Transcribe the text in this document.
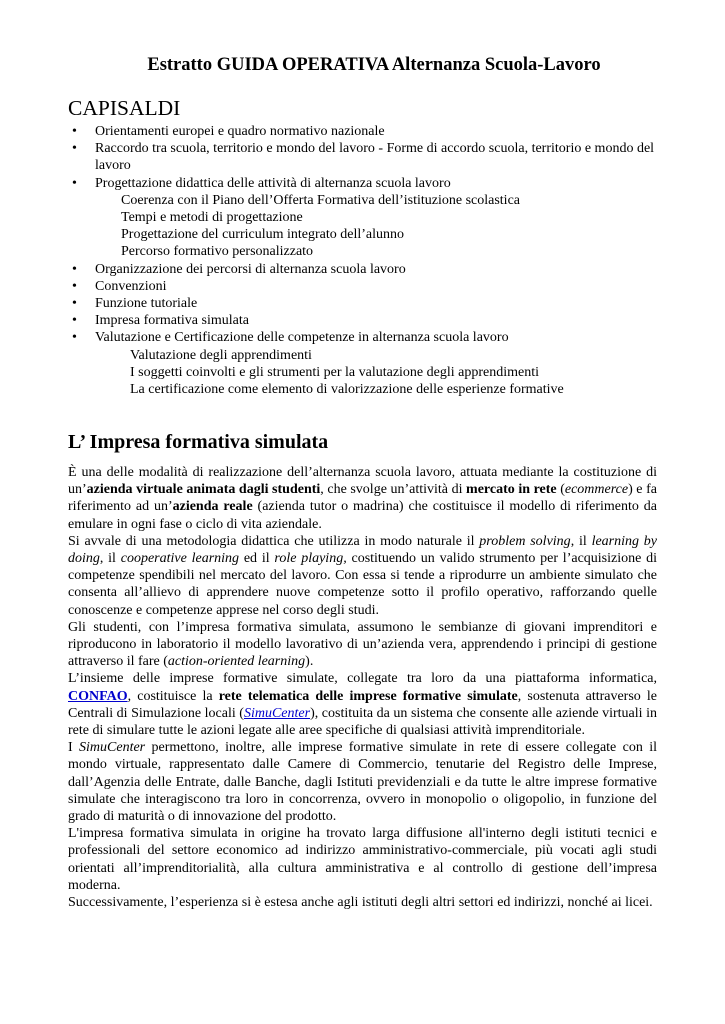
Estratto GUIDA OPERATIVA Alternanza Scuola-Lavoro
CAPISALDI
• Orientamenti europei e quadro normativo nazionale
• Raccordo tra scuola, territorio e mondo del lavoro - Forme di accordo scuola, territorio e mondo del lavoro
• Progettazione didattica delle attività di alternanza scuola lavoro
Coerenza con il Piano dell’Offerta Formativa dell’istituzione scolastica
Tempi e metodi di progettazione
Progettazione del curriculum integrato dell’alunno
Percorso formativo personalizzato
• Organizzazione dei percorsi di alternanza scuola lavoro
• Convenzioni
• Funzione tutoriale
• Impresa formativa simulata
• Valutazione e Certificazione delle competenze in alternanza scuola lavoro
Valutazione degli apprendimenti
I soggetti coinvolti e gli strumenti per la valutazione degli apprendimenti
La certificazione come elemento di valorizzazione delle esperienze formative
L’ Impresa formativa simulata

È una delle modalità di realizzazione dell’alternanza scuola lavoro, attuata mediante la costituzione di un’azienda virtuale animata dagli studenti, che svolge un’attività di mercato in rete (ecommerce) e fa riferimento ad un’azienda reale (azienda tutor o madrina) che costituisce il modello di riferimento da emulare in ogni fase o ciclo di vita aziendale.

Si avvale di una metodologia didattica che utilizza in modo naturale il problem solving, il learning by doing, il cooperative learning ed il role playing, costituendo un valido strumento per l’acquisizione di competenze spendibili nel mercato del lavoro. Con essa si tende a riprodurre un ambiente simulato che consenta all’allievo di apprendere nuove competenze sotto il profilo operativo, rafforzando quelle conoscenze e competenze apprese nel corso degli studi.

Gli studenti, con l’impresa formativa simulata, assumono le sembianze di giovani imprenditori e riproducono in laboratorio il modello lavorativo di un’azienda vera, apprendendo i principi di gestione attraverso il fare (action-oriented learning).

L’insieme delle imprese formative simulate, collegate tra loro da una piattaforma informatica, CONFAO, costituisce la rete telematica delle imprese formative simulate, sostenuta attraverso le Centrali di Simulazione locali (SimuCenter), costituita da un sistema che consente alle aziende virtuali in rete di simulare tutte le azioni legate alle aree specifiche di qualsiasi attività imprenditoriale.

I SimuCenter permettono, inoltre, alle imprese formative simulate in rete di essere collegate con il mondo virtuale, rappresentato dalle Camere di Commercio, tenutarie del Registro delle Imprese, dall’Agenzia delle Entrate, dalle Banche, dagli Istituti previdenziali e da tutte le altre imprese formative simulate che interagiscono tra loro in concorrenza, ovvero in monopolio o oligopolio, in funzione del grado di maturità o di innovazione del prodotto.

L'impresa formativa simulata in origine ha trovato larga diffusione all'interno degli istituti tecnici e professionali del settore economico ad indirizzo amministrativo-commerciale, più vocati agli studi orientati all’imprenditorialità, alla cultura amministrativa e al controllo di gestione dell’impresa moderna.

Successivamente, l’esperienza si è estesa anche agli istituti degli altri settori ed indirizzi, nonché ai licei.
